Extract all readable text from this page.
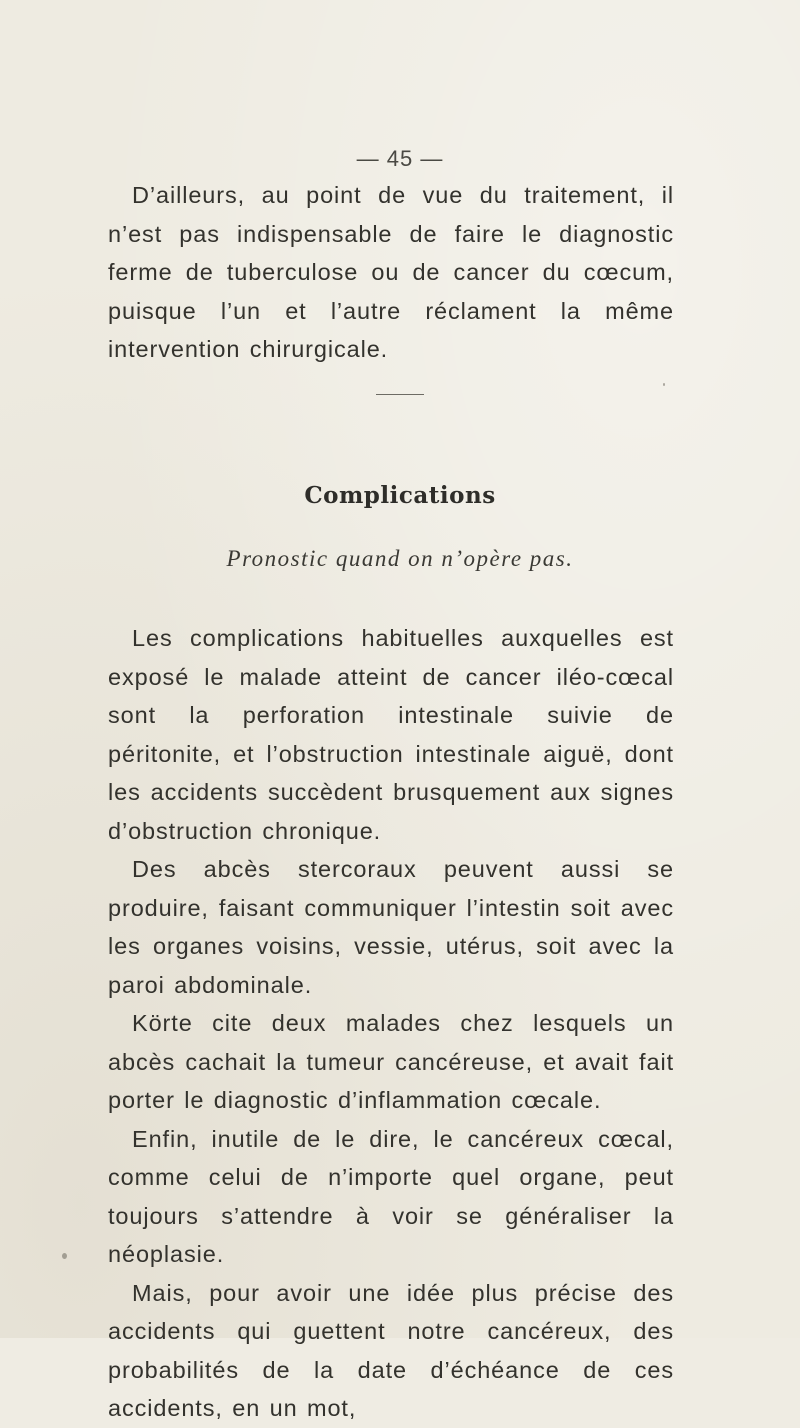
— 45 —

D’ailleurs, au point de vue du traitement, il n’est pas indispensable de faire le diagnostic ferme de tuberculose ou de cancer du cœcum, puisque l’un et l’autre réclament la même intervention chirurgicale.

Complications
Pronostic quand on n’opère pas.

Les complications habituelles auxquelles est exposé le malade atteint de cancer iléo-cœcal sont la perforation intestinale suivie de péritonite, et l’obstruction intestinale aiguë, dont les accidents succèdent brusquement aux signes d’obstruction chronique.

Des abcès stercoraux peuvent aussi se produire, faisant communiquer l’intestin soit avec les organes voisins, vessie, utérus, soit avec la paroi abdominale.

Körte cite deux malades chez lesquels un abcès cachait la tumeur cancéreuse, et avait fait porter le diagnostic d’inflammation cœcale.

Enfin, inutile de le dire, le cancéreux cœcal, comme celui de n’importe quel organe, peut toujours s’attendre à voir se généraliser la néoplasie.

Mais, pour avoir une idée plus précise des accidents qui guettent notre cancéreux, des probabilités de la date d’échéance de ces accidents, en un mot,
